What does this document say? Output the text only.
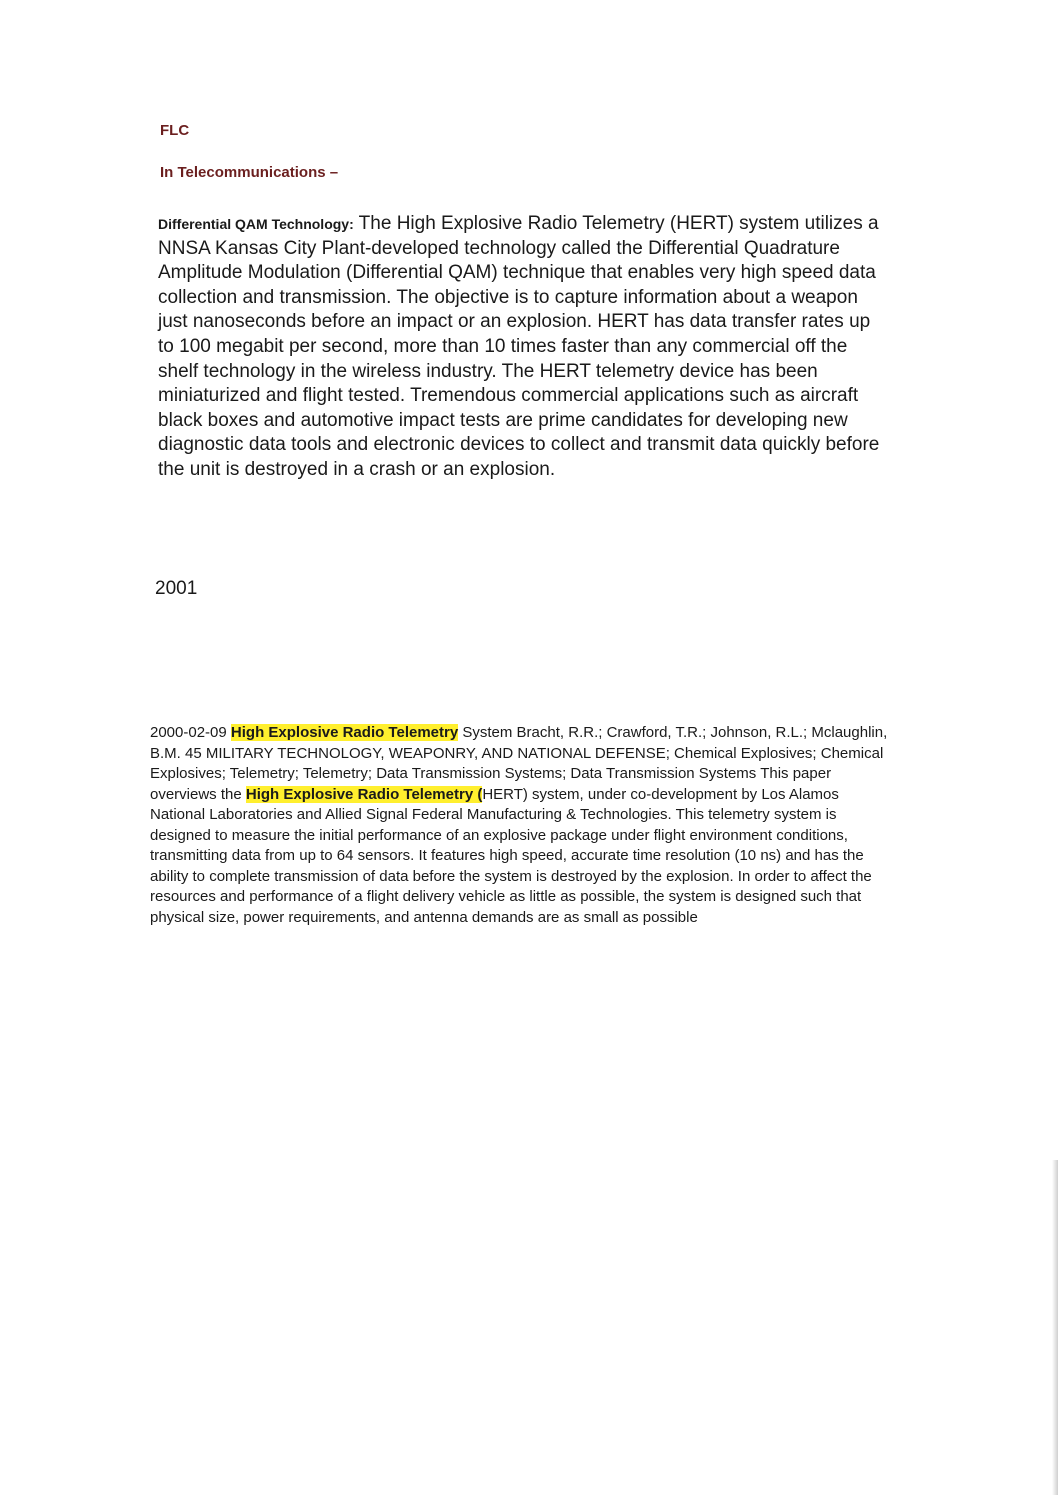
FLC
In Telecommunications –
Differential QAM Technology: The High Explosive Radio Telemetry (HERT) system utilizes a NNSA Kansas City Plant-developed technology called the Differential Quadrature Amplitude Modulation (Differential QAM) technique that enables very high speed data collection and transmission. The objective is to capture information about a weapon just nanoseconds before an impact or an explosion. HERT has data transfer rates up to 100 megabit per second, more than 10 times faster than any commercial off the shelf technology in the wireless industry. The HERT telemetry device has been miniaturized and flight tested. Tremendous commercial applications such as aircraft black boxes and automotive impact tests are prime candidates for developing new diagnostic data tools and electronic devices to collect and transmit data quickly before the unit is destroyed in a crash or an explosion.
2001
2000-02-09 High Explosive Radio Telemetry System Bracht, R.R.; Crawford, T.R.; Johnson, R.L.; Mclaughlin, B.M. 45 MILITARY TECHNOLOGY, WEAPONRY, AND NATIONAL DEFENSE; Chemical Explosives; Chemical Explosives; Telemetry; Telemetry; Data Transmission Systems; Data Transmission Systems This paper overviews the High Explosive Radio Telemetry (HERT) system, under co-development by Los Alamos National Laboratories and Allied Signal Federal Manufacturing & Technologies. This telemetry system is designed to measure the initial performance of an explosive package under flight environment conditions, transmitting data from up to 64 sensors. It features high speed, accurate time resolution (10 ns) and has the ability to complete transmission of data before the system is destroyed by the explosion. In order to affect the resources and performance of a flight delivery vehicle as little as possible, the system is designed such that physical size, power requirements, and antenna demands are as small as possible
